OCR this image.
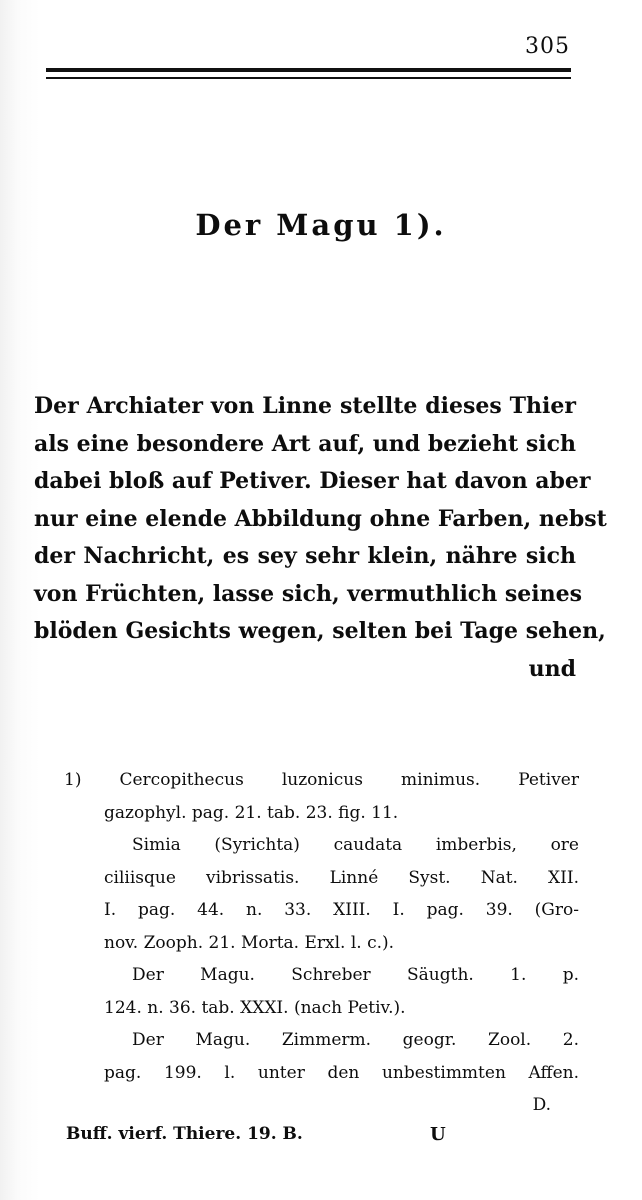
305
Der Magu 1).
Der Archiater von Linne stellte dieses Thier
als eine besondere Art auf, und bezieht sich
dabei bloß auf Petiver. Dieser hat davon aber
nur eine elende Abbildung ohne Farben, nebst
der Nachricht, es sey sehr klein, nähre sich
von Früchten, lasse sich, vermuthlich seines
blöden Gesichts wegen, selten bei Tage sehen,
und
1) Cercopithecus luzonicus minimus. Petiver
gazophyl. pag. 21. tab. 23. fig. 11.
Simia (Syrichta) caudata imberbis, ore
ciliisque vibrissatis. Linné Syst. Nat. XII.
I. pag. 44. n. 33. XIII. I. pag. 39. (Gro-
nov. Zooph. 21. Morta. Erxl. l. c.).
Der Magu. Schreber Säugth. 1. p.
124. n. 36. tab. XXXI. (nach Petiv.).
Der Magu. Zimmerm. geogr. Zool. 2.
pag. 199. l. unter den unbestimmten Affen.
D.
Buff. vierf. Thiere. 19. B.	U
